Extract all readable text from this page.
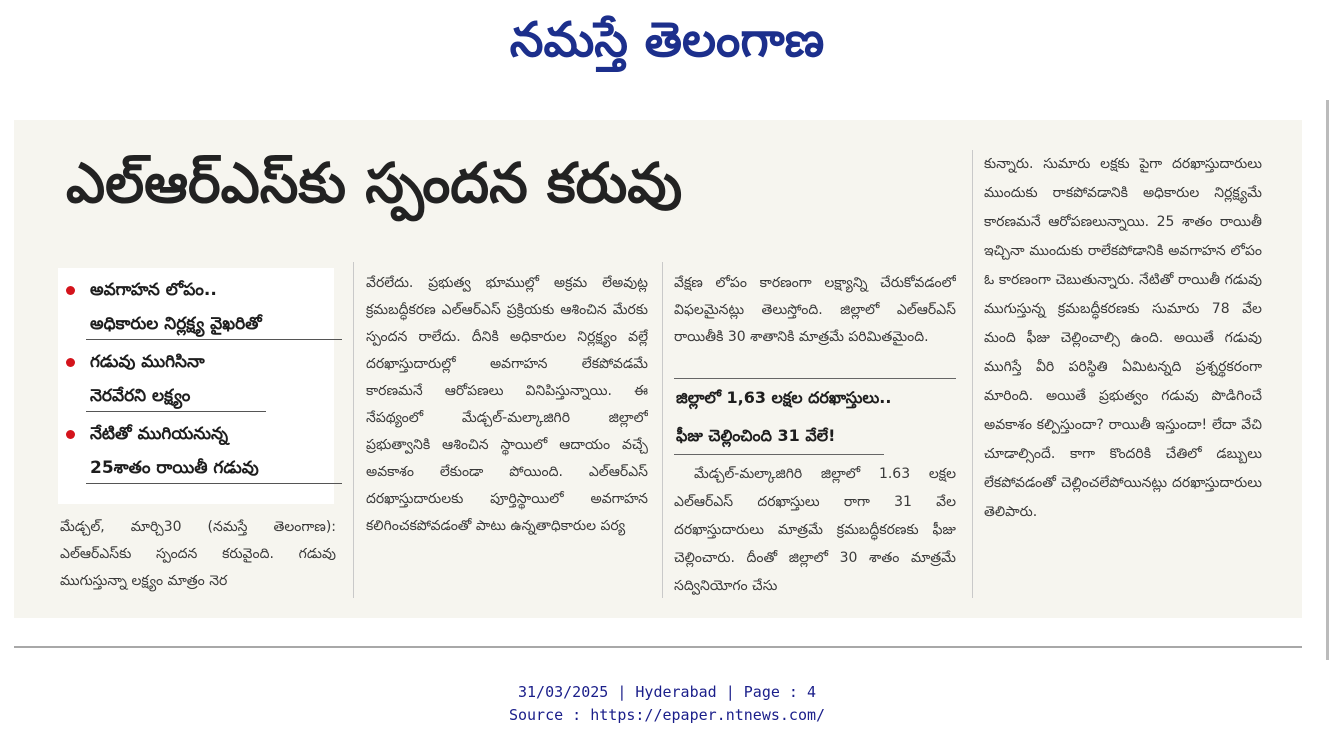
నమస్తే తెలంగాణ
ఎల్‌ఆర్‌ఎస్‌కు స్పందన కరువు
అవగాహన లోపం..
అధికారుల నిర్లక్ష్య వైఖరితో
గడువు ముగిసినా
నెరవేరని లక్ష్యం
నేటితో ముగియనున్న
25శాతం రాయితీ గడువు
మేడ్చల్‌, మార్చి30 (నమస్తే తెలంగాణ): ఎల్‌ఆర్‌ఎస్‌కు స్పందన కరువైంది. గడువు ముగుస్తున్నా లక్ష్యం మాత్రం నెర
వేరలేదు. ప్రభుత్వ భూముల్లో అక్రమ లేఅవుట్ల క్రమబద్ధీకరణ ఎల్‌ఆర్‌ఎస్‌ ప్రక్రియకు ఆశించిన మేరకు స్పందన రాలేదు. దీనికి అధికారుల నిర్లక్ష్యం వల్లే దరఖాస్తుదారుల్లో అవగాహన లేకపోవడమే కారణమనే ఆరోపణలు వినిపిస్తున్నాయి. ఈ నేపథ్యంలో మేడ్చల్‌-మల్కాజిగిరి జిల్లాలో ప్రభుత్వానికి ఆశించిన స్థాయిలో ఆదాయం వచ్చే అవకాశం లేకుండా పోయింది. ఎల్‌ఆర్‌ఎస్‌ దరఖాస్తుదారులకు పూర్తిస్థాయిలో అవగాహన కలిగించకపోవడంతో పాటు ఉన్నతాధికారుల పర్య
వేక్షణ లోపం కారణంగా లక్ష్యాన్ని చేరుకోవడంలో విఫలమైనట్లు తెలుస్తోంది. జిల్లాలో ఎల్‌ఆర్‌ఎస్‌ రాయితీకి 30 శాతానికి మాత్రమే పరిమితమైంది.
జిల్లాలో 1,63 లక్షల దరఖాస్తులు..
ఫీజు చెల్లించింది 31 వేలే!
మేడ్చల్‌-మల్కాజిగిరి జిల్లాలో 1.63 లక్షల ఎల్‌ఆర్‌ఎస్‌ దరఖాస్తులు రాగా 31 వేల దరఖాస్తుదారులు మాత్రమే క్రమబద్ధీకరణకు ఫీజు చెల్లించారు. దీంతో జిల్లాలో 30 శాతం మాత్రమే సద్వినియోగం చేసు
కున్నారు. సుమారు లక్షకు పైగా దరఖాస్తుదారులు ముందుకు రాకపోవడానికి అధికారుల నిర్లక్ష్యమే కారణమనే ఆరోపణలున్నాయి. 25 శాతం రాయితీ ఇచ్చినా ముందుకు రాలేకపోడానికి అవగాహన లోపం ఓ కారణంగా చెబుతున్నారు. నేటితో రాయితీ గడువు ముగుస్తున్న క్రమబద్ధీకరణకు సుమారు 78 వేల మంది ఫీజు చెల్లించాల్సి ఉంది. అయితే గడువు ముగిస్తే వీరి పరిస్థితి ఏమిటన్నది ప్రశ్నర్థకరంగా మారింది. అయితే ప్రభుత్వం గడువు పొడిగించే అవకాశం కల్పిస్తుందా? రాయితీ ఇస్తుందా! లేదా వేచి చూడాల్సిందే. కాగా కొందరికి చేతిలో డబ్బులు లేకపోవడంతో చెల్లించలేపోయినట్లు దరఖాస్తుదారులు తెలిపారు.
31/03/2025 | Hyderabad | Page : 4
Source : https://epaper.ntnews.com/
